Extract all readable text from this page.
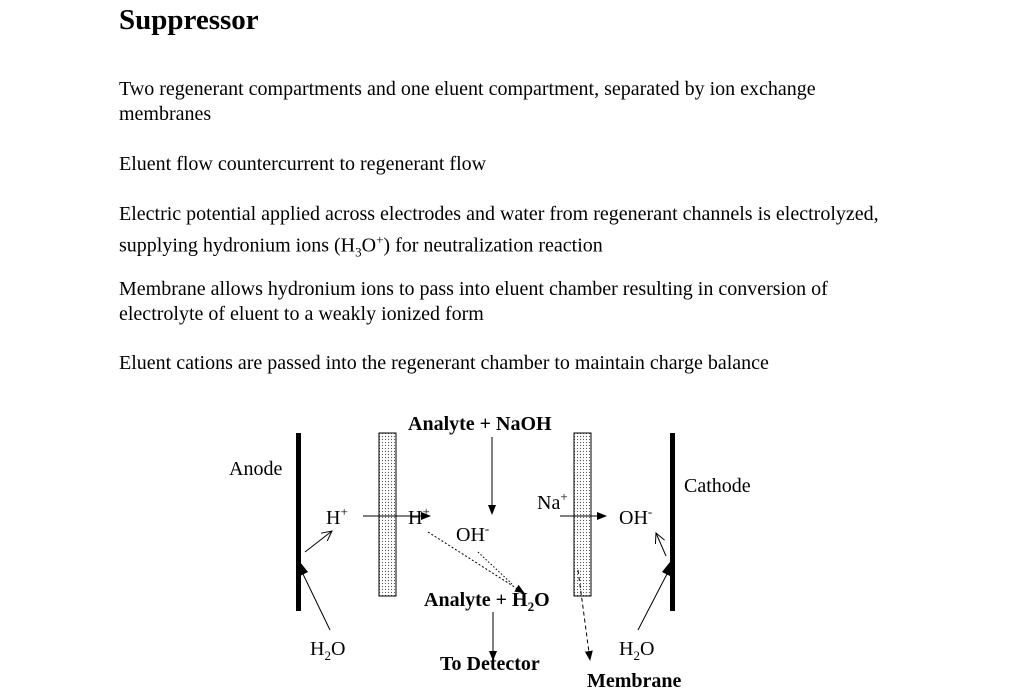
Suppressor

Two regenerant compartments and one eluent compartment, separated by ion exchange membranes

Eluent flow countercurrent to regenerant flow

Electric potential applied across electrodes and water from regenerant channels is electrolyzed, supplying hydronium ions $(H_3O^+)$ for neutralization reaction

Membrane allows hydronium ions to pass into eluent chamber resulting in conversion of electrolyte of eluent to a weakly ionized form

Eluent cations are passed into the regenerant chamber to maintain charge balance

Analyte + NaOH
Anode
Cathode
H+	H+
OH-
Na+
OH-
Analyte + $H_2O$
To Detector
$H_2O$	$H_2O$
Membrane
